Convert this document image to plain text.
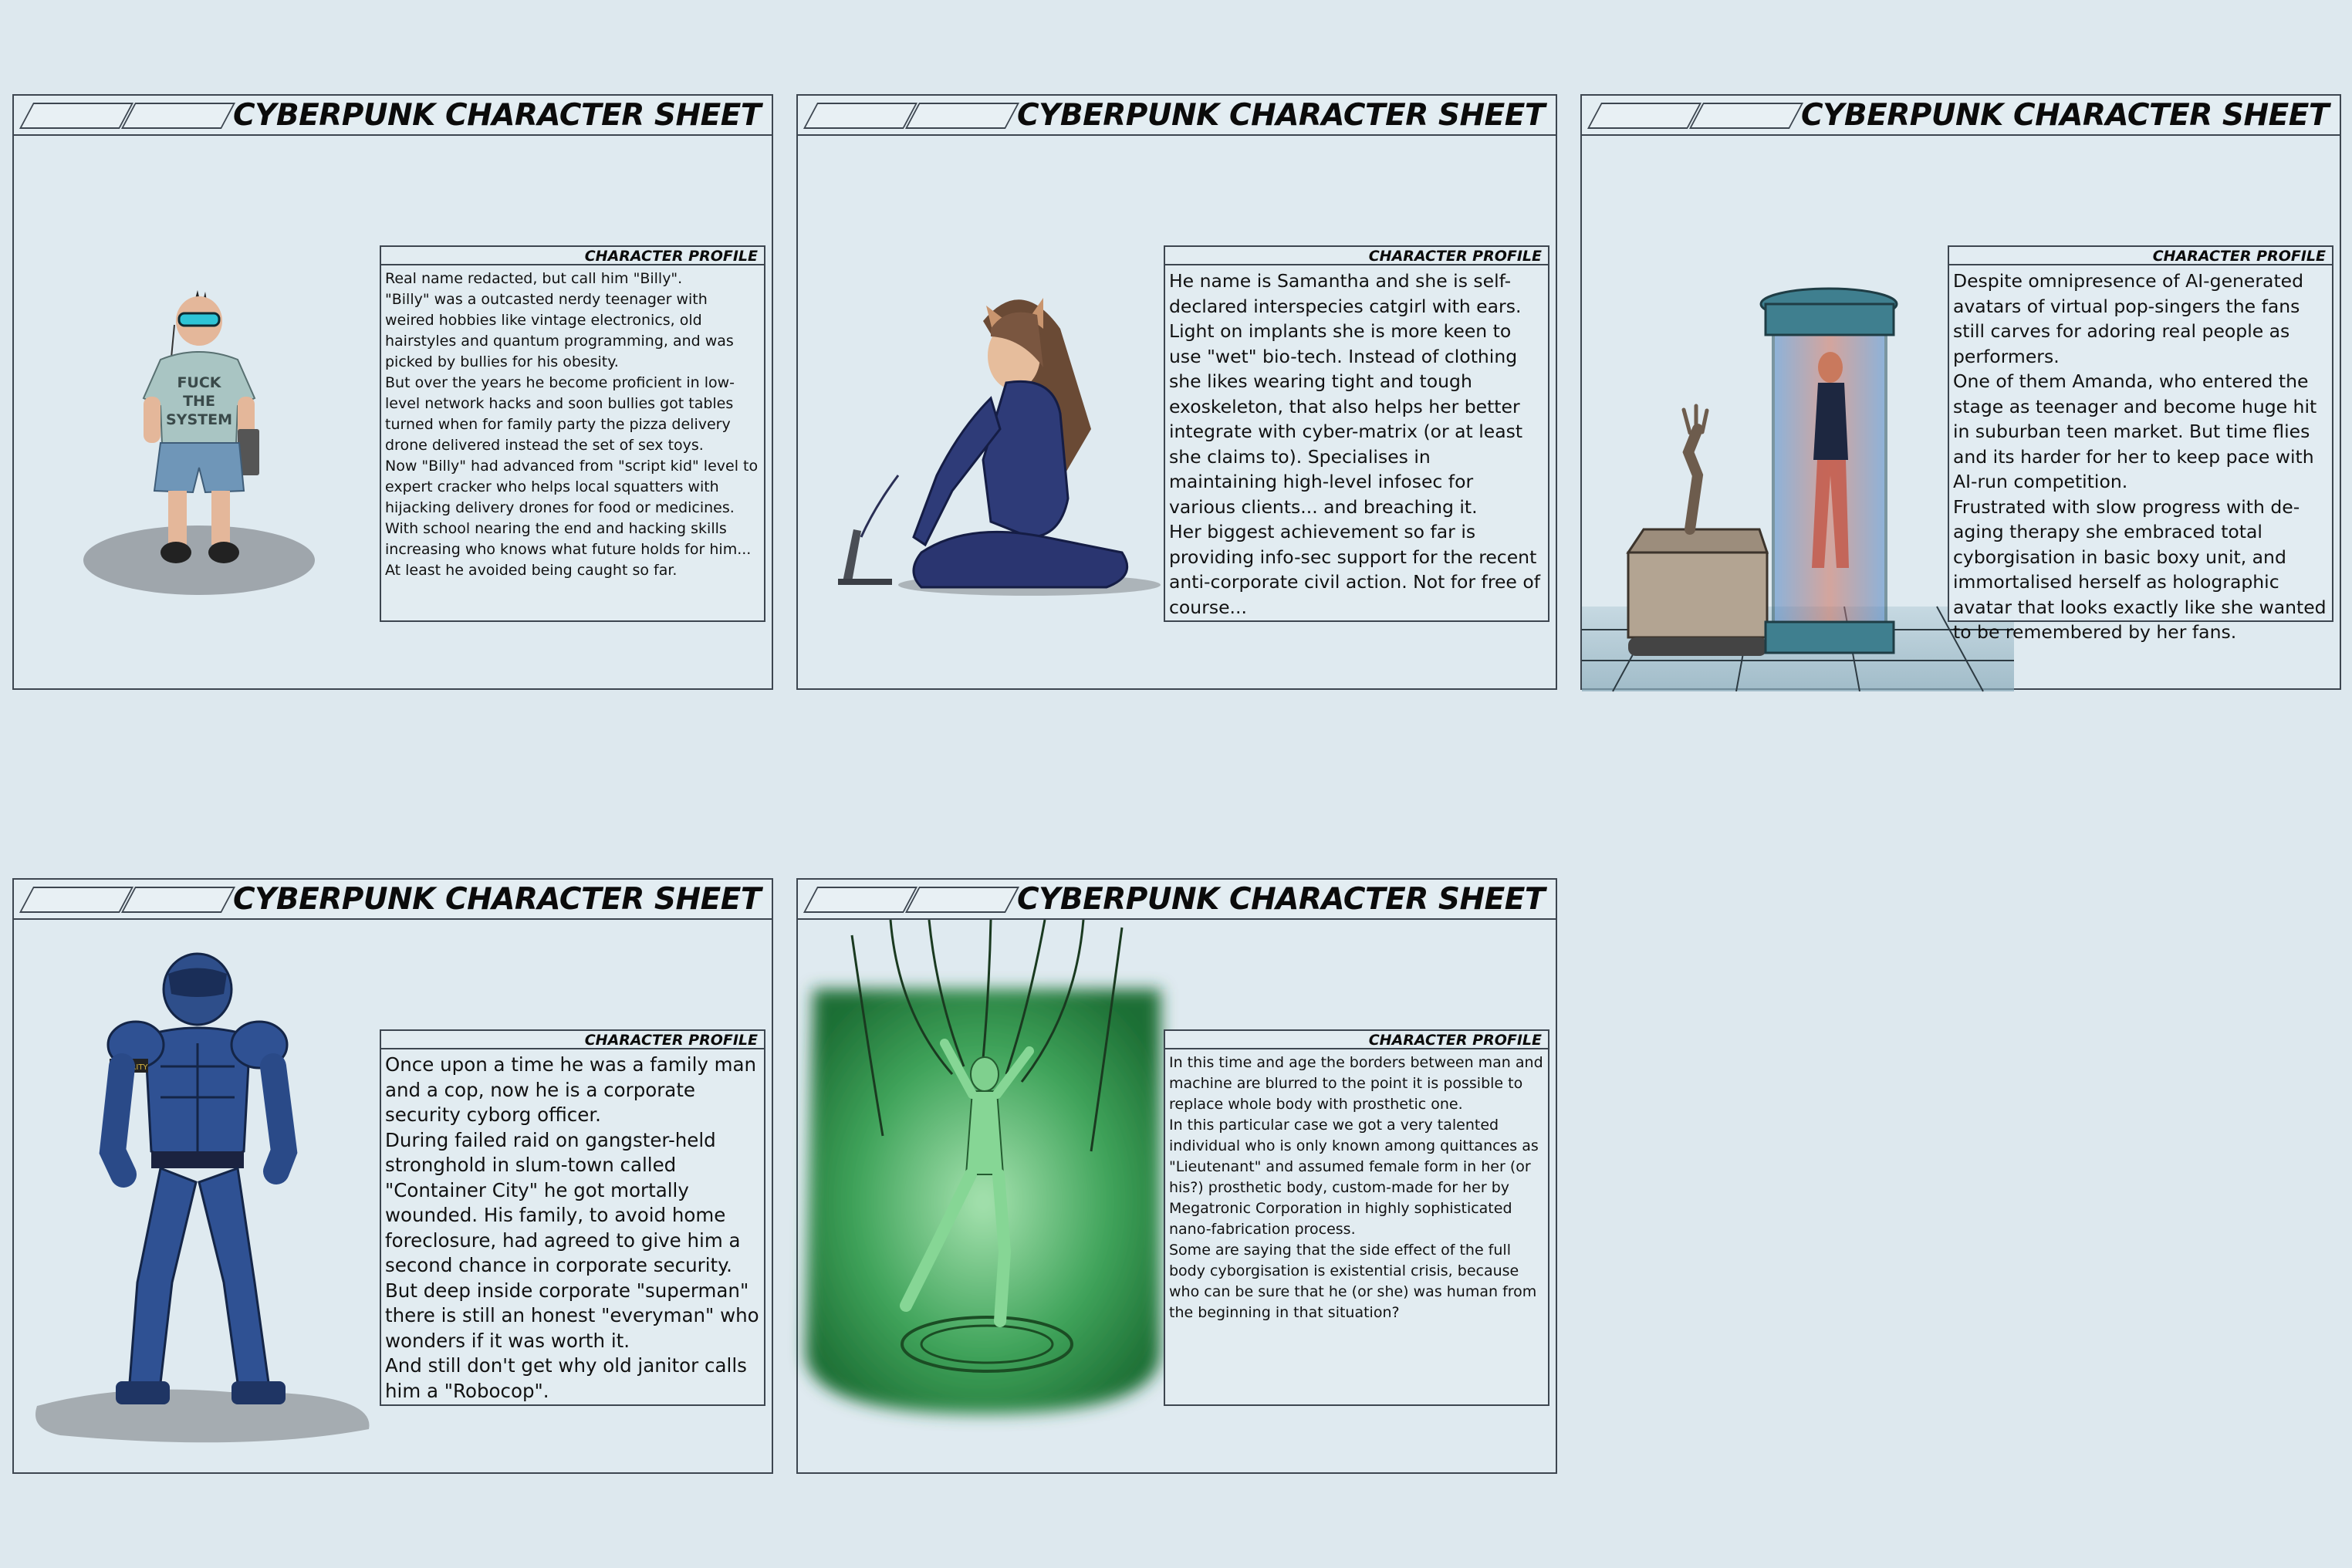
CYBERPUNK CHARACTER SHEET
FUCK
THE
SYSTEM
CHARACTER PROFILE
Real name redacted, but call him "Billy".
"Billy" was a outcasted nerdy teenager with weired hobbies like vintage electronics, old hairstyles and quantum programming, and was picked by bullies for his obesity.
But over the years he become proficient in low-level network hacks and soon bullies got tables turned when for family party the pizza delivery drone delivered instead the set of sex toys.
Now "Billy" had advanced from "script kid" level to expert cracker who helps local squatters with hijacking delivery drones for food or medicines. With school nearing the end and hacking skills increasing who knows what future holds for him...
At least he avoided being caught so far.
CYBERPUNK CHARACTER SHEET
CHARACTER PROFILE
He name is Samantha and she is self-declared interspecies catgirl with ears. Light on implants she is more keen to use "wet" bio-tech. Instead of clothing she likes wearing tight and tough exoskeleton, that also helps her better integrate with cyber-matrix (or at least she claims to). Specialises in maintaining high-level infosec for various clients... and breaching it.
Her biggest achievement so far is providing info-sec support for the recent anti-corporate civil action. Not for free of course...
CYBERPUNK CHARACTER SHEET
CHARACTER PROFILE
Despite omnipresence of AI-generated avatars of virtual pop-singers the fans still carves for adoring real people as performers.
One of them Amanda, who entered the stage as teenager and become huge hit in suburban teen market. But time flies and its harder for her to keep pace with AI-run competition.
Frustrated with slow progress with de-aging therapy she embraced total cyborgisation in basic boxy unit, and immortalised herself as holographic avatar that looks exactly like she wanted to be remembered by her fans.
CYBERPUNK CHARACTER SHEET
SECURITY
CHARACTER PROFILE
Once upon a time he was a family man and a cop, now he is a corporate security cyborg officer.
During failed raid on gangster-held stronghold in slum-town called "Container City" he got mortally wounded. His family, to avoid home foreclosure, had agreed to give him a second chance in corporate security.
But deep inside corporate "superman" there is still an honest "everyman" who wonders if it was worth it.
And still don't get why old janitor calls him a "Robocop".
CYBERPUNK CHARACTER SHEET
CHARACTER PROFILE
In this time and age the borders between man and machine are blurred to the point it is possible to replace whole body with prosthetic one.
In this particular case we got a very talented individual who is only known among quittances as "Lieutenant" and assumed female form in her (or his?) prosthetic body, custom-made for her by Megatronic Corporation in highly sophisticated nano-fabrication process.
Some are saying that the side effect of the full body cyborgisation is existential crisis, because who can be sure that he (or she) was human from the beginning in that situation?
